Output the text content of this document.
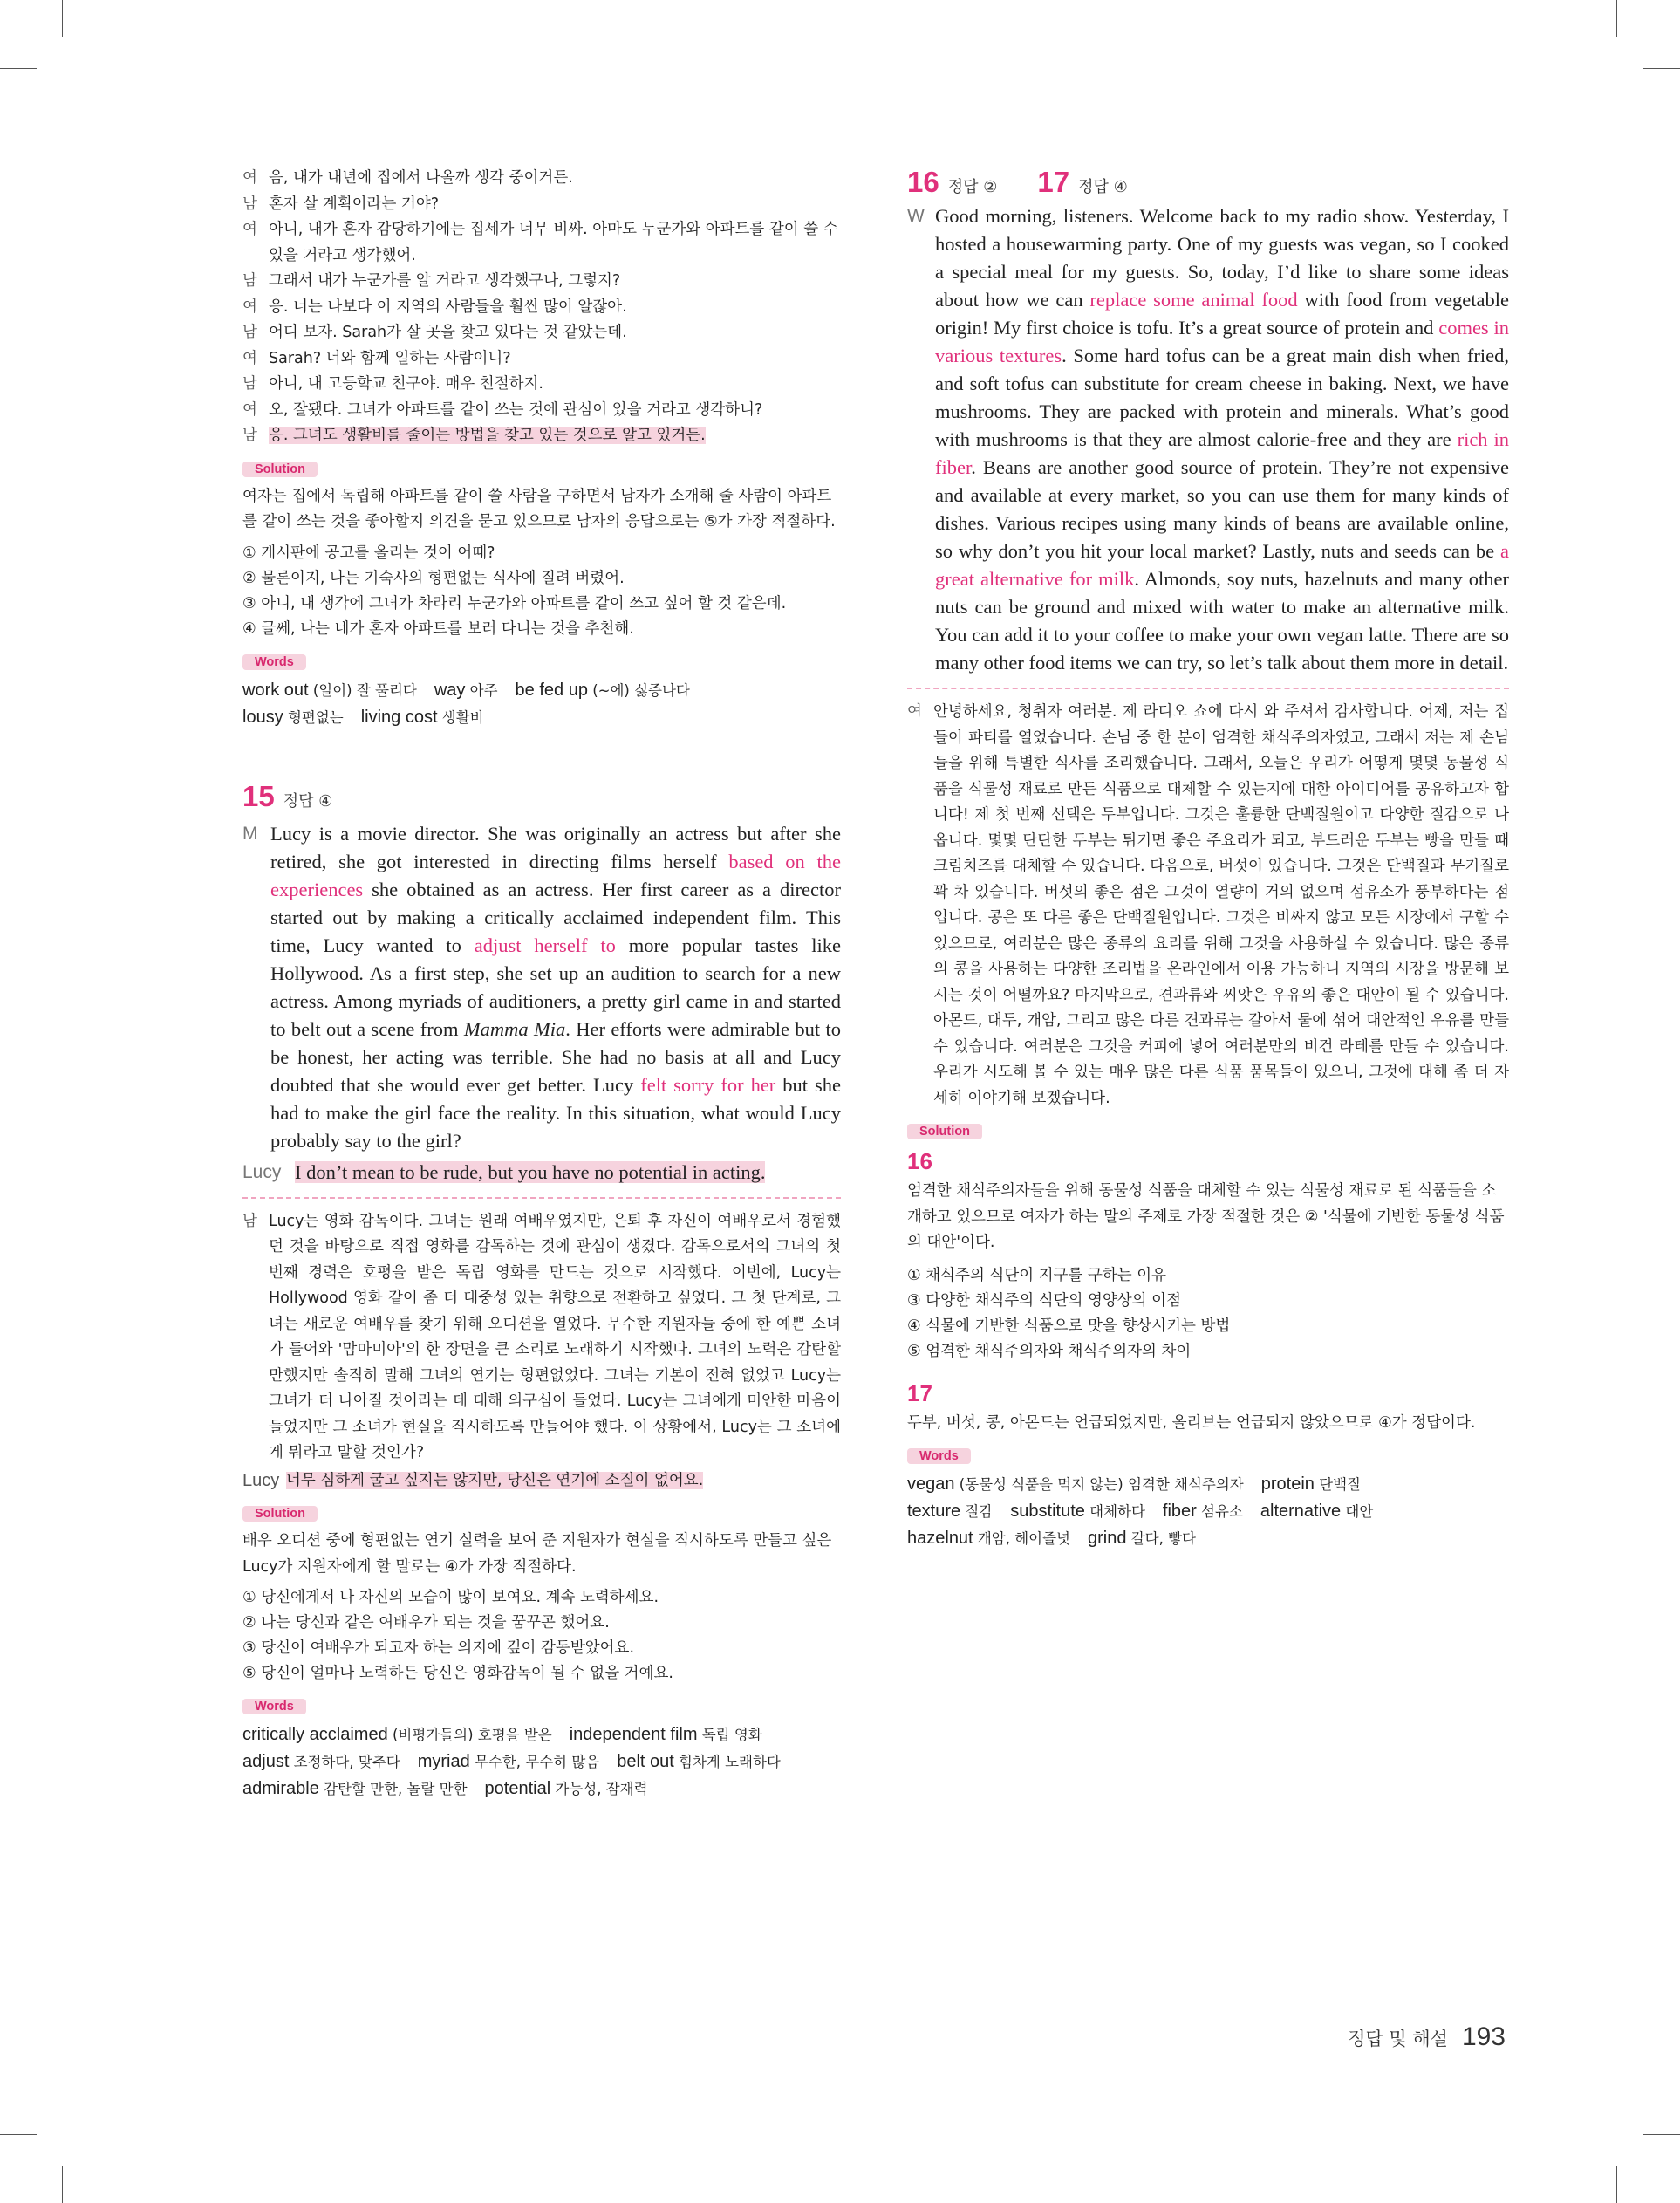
여 음, 내가 내년에 집에서 나올까 생각 중이거든.
남 혼자 살 계획이라는 거야?
여 아니, 내가 혼자 감당하기에는 집세가 너무 비싸. 아마도 누군가와 아파트를 같이 쓸 수 있을 거라고 생각했어.
남 그래서 내가 누군가를 알 거라고 생각했구나, 그렇지?
여 응. 너는 나보다 이 지역의 사람들을 훨씬 많이 알잖아.
남 어디 보자. Sarah가 살 곳을 찾고 있다는 것 같았는데.
여 Sarah? 너와 함께 일하는 사람이니?
남 아니, 내 고등학교 친구야. 매우 친절하지.
여 오, 잘됐다. 그녀가 아파트를 같이 쓰는 것에 관심이 있을 거라고 생각하니?
남 응. 그녀도 생활비를 줄이는 방법을 찾고 있는 것으로 알고 있거든.
Solution
여자는 집에서 독립해 아파트를 같이 쓸 사람을 구하면서 남자가 소개해 줄 사람이 아파트를 같이 쓰는 것을 좋아할지 의견을 묻고 있으므로 남자의 응답으로는 ⑤가 가장 적절하다.
① 게시판에 공고를 올리는 것이 어때?
② 물론이지, 나는 기숙사의 형편없는 식사에 질려 버렸어.
③ 아니, 내 생각에 그녀가 차라리 누군가와 아파트를 같이 쓰고 싶어 할 것 같은데.
④ 글쎄, 나는 네가 혼자 아파트를 보러 다니는 것을 추천해.
Words
work out (일이) 잘 풀리다  way 아주  be fed up (~에) 싫증나다
lousy 형편없는  living cost 생활비
15 정답 ④
M Lucy is a movie director. She was originally an actress but after she retired, she got interested in directing films herself based on the experiences she obtained as an actress. Her first career as a director started out by making a critically acclaimed independent film. This time, Lucy wanted to adjust herself to more popular tastes like Hollywood. As a first step, she set up an audition to search for a new actress. Among myriads of auditioners, a pretty girl came in and started to belt out a scene from Mamma Mia. Her efforts were admirable but to be honest, her acting was terrible. She had no basis at all and Lucy doubted that she would ever get better. Lucy felt sorry for her but she had to make the girl face the reality. In this situation, what would Lucy probably say to the girl?
Lucy I don’t mean to be rude, but you have no potential in acting.
남 Lucy는 영화 감독이다. 그녀는 원래 여배우였지만, 은퇴 후 자신이 여배우로서 경험했던 것을 바탕으로 직접 영화를 감독하는 것에 관심이 생겼다. 감독으로서의 그녀의 첫 번째 경력은 호평을 받은 독립 영화를 만드는 것으로 시작했다. 이번에, Lucy는 Hollywood 영화 같이 좀 더 대중성 있는 취향으로 전환하고 싶었다. 그 첫 단계로, 그녀는 새로운 여배우를 찾기 위해 오디션을 열었다. 무수한 지원자들 중에 한 예쁜 소녀가 들어와 '맘마미아'의 한 장면을 큰 소리로 노래하기 시작했다. 그녀의 노력은 감탄할 만했지만 솔직히 말해 그녀의 연기는 형편없었다. 그녀는 기본이 전혀 없었고 Lucy는 그녀가 더 나아질 것이라는 데 대해 의구심이 들었다. Lucy는 그녀에게 미안한 마음이 들었지만 그 소녀가 현실을 직시하도록 만들어야 했다. 이 상황에서, Lucy는 그 소녀에게 뭐라고 말할 것인가?
Lucy 너무 심하게 굴고 싶지는 않지만, 당신은 연기에 소질이 없어요.
Solution
배우 오디션 중에 형편없는 연기 실력을 보여 준 지원자가 현실을 직시하도록 만들고 싶은 Lucy가 지원자에게 할 말로는 ④가 가장 적절하다.
① 당신에게서 나 자신의 모습이 많이 보여요. 계속 노력하세요.
② 나는 당신과 같은 여배우가 되는 것을 꿈꾸곤 했어요.
③ 당신이 여배우가 되고자 하는 의지에 깊이 감동받았어요.
⑤ 당신이 얼마나 노력하든 당신은 영화감독이 될 수 없을 거예요.
Words
critically acclaimed (비평가들의) 호평을 받은  independent film 독립 영화
adjust 조정하다, 맞추다  myriad 무수한, 무수히 많음  belt out 힘차게 노래하다
admirable 감탄할 만한, 놀랄 만한  potential 가능성, 잠재력
16 정답 ② 17 정답 ④
W Good morning, listeners. Welcome back to my radio show. Yesterday, I hosted a housewarming party. One of my guests was vegan, so I cooked a special meal for my guests. So, today, I’d like to share some ideas about how we can replace some animal food with food from vegetable origin! My first choice is tofu. It’s a great source of protein and comes in various textures. Some hard tofus can be a great main dish when fried, and soft tofus can substitute for cream cheese in baking. Next, we have mushrooms. They are packed with protein and minerals. What’s good with mushrooms is that they are almost calorie-free and they are rich in fiber. Beans are another good source of protein. They’re not expensive and available at every market, so you can use them for many kinds of dishes. Various recipes using many kinds of beans are available online, so why don’t you hit your local market? Lastly, nuts and seeds can be a great alternative for milk. Almonds, soy nuts, hazelnuts and many other nuts can be ground and mixed with water to make an alternative milk. You can add it to your coffee to make your own vegan latte. There are so many other food items we can try, so let’s talk about them more in detail.
여 안녕하세요, 청취자 여러분. 제 라디오 쇼에 다시 와 주셔서 감사합니다. 어제, 저는 집들이 파티를 열었습니다. 손님 중 한 분이 엄격한 채식주의자였고, 그래서 저는 제 손님들을 위해 특별한 식사를 조리했습니다. 그래서, 오늘은 우리가 어떻게 몇몇 동물성 식품을 식물성 재료로 만든 식품으로 대체할 수 있는지에 대한 아이디어를 공유하고자 합니다! 제 첫 번째 선택은 두부입니다. 그것은 훌륭한 단백질원이고 다양한 질감으로 나옵니다. 몇몇 단단한 두부는 튀기면 좋은 주요리가 되고, 부드러운 두부는 빵을 만들 때 크림치즈를 대체할 수 있습니다. 다음으로, 버섯이 있습니다. 그것은 단백질과 무기질로 꽉 차 있습니다. 버섯의 좋은 점은 그것이 열량이 거의 없으며 섬유소가 풍부하다는 점입니다. 콩은 또 다른 좋은 단백질원입니다. 그것은 비싸지 않고 모든 시장에서 구할 수 있으므로, 여러분은 많은 종류의 요리를 위해 그것을 사용하실 수 있습니다. 많은 종류의 콩을 사용하는 다양한 조리법을 온라인에서 이용 가능하니 지역의 시장을 방문해 보시는 것이 어떨까요? 마지막으로, 견과류와 씨앗은 우유의 좋은 대안이 될 수 있습니다. 아몬드, 대두, 개암, 그리고 많은 다른 견과류는 갈아서 물에 섞어 대안적인 우유를 만들 수 있습니다. 여러분은 그것을 커피에 넣어 여러분만의 비건 라테를 만들 수 있습니다. 우리가 시도해 볼 수 있는 매우 많은 다른 식품 품목들이 있으니, 그것에 대해 좀 더 자세히 이야기해 보겠습니다.
Solution
16
엄격한 채식주의자들을 위해 동물성 식품을 대체할 수 있는 식물성 재료로 된 식품들을 소개하고 있으므로 여자가 하는 말의 주제로 가장 적절한 것은 ② '식물에 기반한 동물성 식품의 대안'이다.
① 채식주의 식단이 지구를 구하는 이유
③ 다양한 채식주의 식단의 영양상의 이점
④ 식물에 기반한 식품으로 맛을 향상시키는 방법
⑤ 엄격한 채식주의자와 채식주의자의 차이
17
두부, 버섯, 콩, 아몬드는 언급되었지만, 올리브는 언급되지 않았으므로 ④가 정답이다.
Words
vegan (동물성 식품을 먹지 않는) 엄격한 채식주의자  protein 단백질
texture 질감  substitute 대체하다  fiber 섬유소  alternative 대안
hazelnut 개암, 헤이즐넛  grind 갈다, 빻다
정답 및 해설 193
